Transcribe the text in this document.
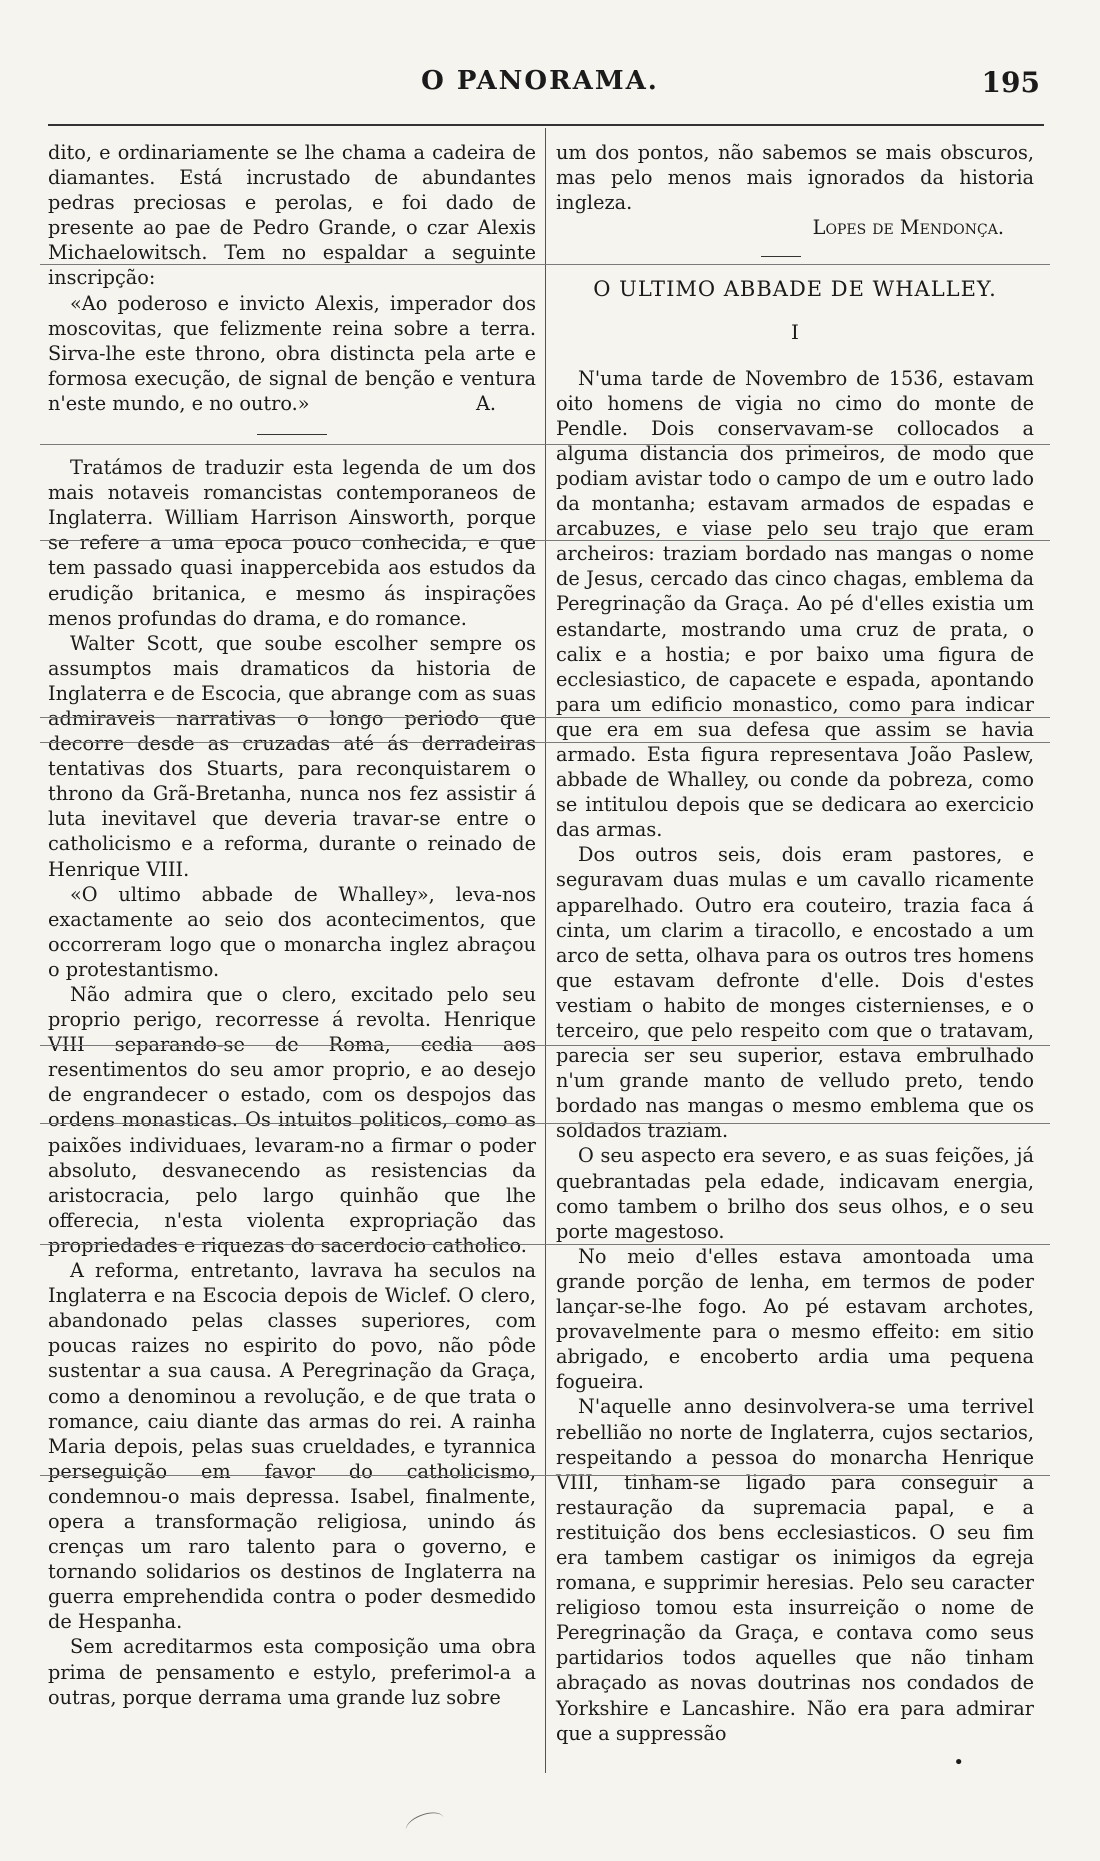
O PANORAMA.	195

dito, e ordinariamente se lhe chama a cadeira de diamantes. Está incrustado de abundantes pedras preciosas e perolas, e foi dado de presente ao pae de Pedro Grande, o czar Alexis Michaelowitsch. Tem no espaldar a seguinte inscripção:

«Ao poderoso e invicto Alexis, imperador dos moscovitas, que felizmente reina sobre a terra. Sirva-lhe este throno, obra distincta pela arte e formosa execução, de signal de benção e ventura n'este mundo, e no outro.»	A.

Tratámos de traduzir esta legenda de um dos mais notaveis romancistas contemporaneos de Inglaterra. William Harrison Ainsworth, porque se refere a uma epoca pouco conhecida, e que tem passado quasi inappercebida aos estudos da erudição britanica, e mesmo ás inspirações menos profundas do drama, e do romance.

Walter Scott, que soube escolher sempre os assumptos mais dramaticos da historia de Inglaterra e de Escocia, que abrange com as suas admiraveis narrativas o longo periodo que decorre desde as cruzadas até ás derradeiras tentativas dos Stuarts, para reconquistarem o throno da Grã-Bretanha, nunca nos fez assistir á luta inevitavel que deveria travar-se entre o catholicismo e a reforma, durante o reinado de Henrique VIII.

«O ultimo abbade de Whalley», leva-nos exactamente ao seio dos acontecimentos, que occorreram logo que o monarcha inglez abraçou o protestantismo.

Não admira que o clero, excitado pelo seu proprio perigo, recorresse á revolta. Henrique VIII separando-se de Roma, cedia aos resentimentos do seu amor proprio, e ao desejo de engrandecer o estado, com os despojos das ordens monasticas. Os intuitos politicos, como as paixões individuaes, levaram-no a firmar o poder absoluto, desvanecendo as resistencias da aristocracia, pelo largo quinhão que lhe offerecia, n'esta violenta expropriação das propriedades e riquezas do sacerdocio catholico.

A reforma, entretanto, lavrava ha seculos na Inglaterra e na Escocia depois de Wiclef. O clero, abandonado pelas classes superiores, com poucas raizes no espirito do povo, não pôde sustentar a sua causa. A Peregrinação da Graça, como a denominou a revolução, e de que trata o romance, caiu diante das armas do rei. A rainha Maria depois, pelas suas crueldades, e tyrannica perseguição em favor do catholicismo, condemnou-o mais depressa. Isabel, finalmente, opera a transformação religiosa, unindo ás crenças um raro talento para o governo, e tornando solidarios os destinos de Inglaterra na guerra emprehendida contra o poder desmedido de Hespanha.

Sem acreditarmos esta composição uma obra prima de pensamento e estylo, preferimol-a a outras, porque derrama uma grande luz sobre

um dos pontos, não sabemos se mais obscuros, mas pelo menos mais ignorados da historia ingleza.

Lopes de Mendonça.

O ULTIMO ABBADE DE WHALLEY.
I

N'uma tarde de Novembro de 1536, estavam oito homens de vigia no cimo do monte de Pendle. Dois conservavam-se collocados a alguma distancia dos primeiros, de modo que podiam avistar todo o campo de um e outro lado da montanha; estavam armados de espadas e arcabuzes, e viase pelo seu trajo que eram archeiros: traziam bordado nas mangas o nome de Jesus, cercado das cinco chagas, emblema da Peregrinação da Graça. Ao pé d'elles existia um estandarte, mostrando uma cruz de prata, o calix e a hostia; e por baixo uma figura de ecclesiastico, de capacete e espada, apontando para um edificio monastico, como para indicar que era em sua defesa que assim se havia armado. Esta figura representava João Paslew, abbade de Whalley, ou conde da pobreza, como se intitulou depois que se dedicara ao exercicio das armas.

Dos outros seis, dois eram pastores, e seguravam duas mulas e um cavallo ricamente apparelhado. Outro era couteiro, trazia faca á cinta, um clarim a tiracollo, e encostado a um arco de setta, olhava para os outros tres homens que estavam defronte d'elle. Dois d'estes vestiam o habito de monges cisternienses, e o terceiro, que pelo respeito com que o tratavam, parecia ser seu superior, estava embrulhado n'um grande manto de velludo preto, tendo bordado nas mangas o mesmo emblema que os soldados traziam.

O seu aspecto era severo, e as suas feições, já quebrantadas pela edade, indicavam energia, como tambem o brilho dos seus olhos, e o seu porte magestoso.

No meio d'elles estava amontoada uma grande porção de lenha, em termos de poder lançar-se-lhe fogo. Ao pé estavam archotes, provavelmente para o mesmo effeito: em sitio abrigado, e encoberto ardia uma pequena fogueira.

N'aquelle anno desinvolvera-se uma terrivel rebellião no norte de Inglaterra, cujos sectarios, respeitando a pessoa do monarcha Henrique VIII, tinham-se ligado para conseguir a restauração da supremacia papal, e a restituição dos bens ecclesiasticos. O seu fim era tambem castigar os inimigos da egreja romana, e supprimir heresias. Pelo seu caracter religioso tomou esta insurreição o nome de Peregrinação da Graça, e contava como seus partidarios todos aquelles que não tinham abraçado as novas doutrinas nos condados de Yorkshire e Lancashire. Não era para admirar que a suppressão

•
